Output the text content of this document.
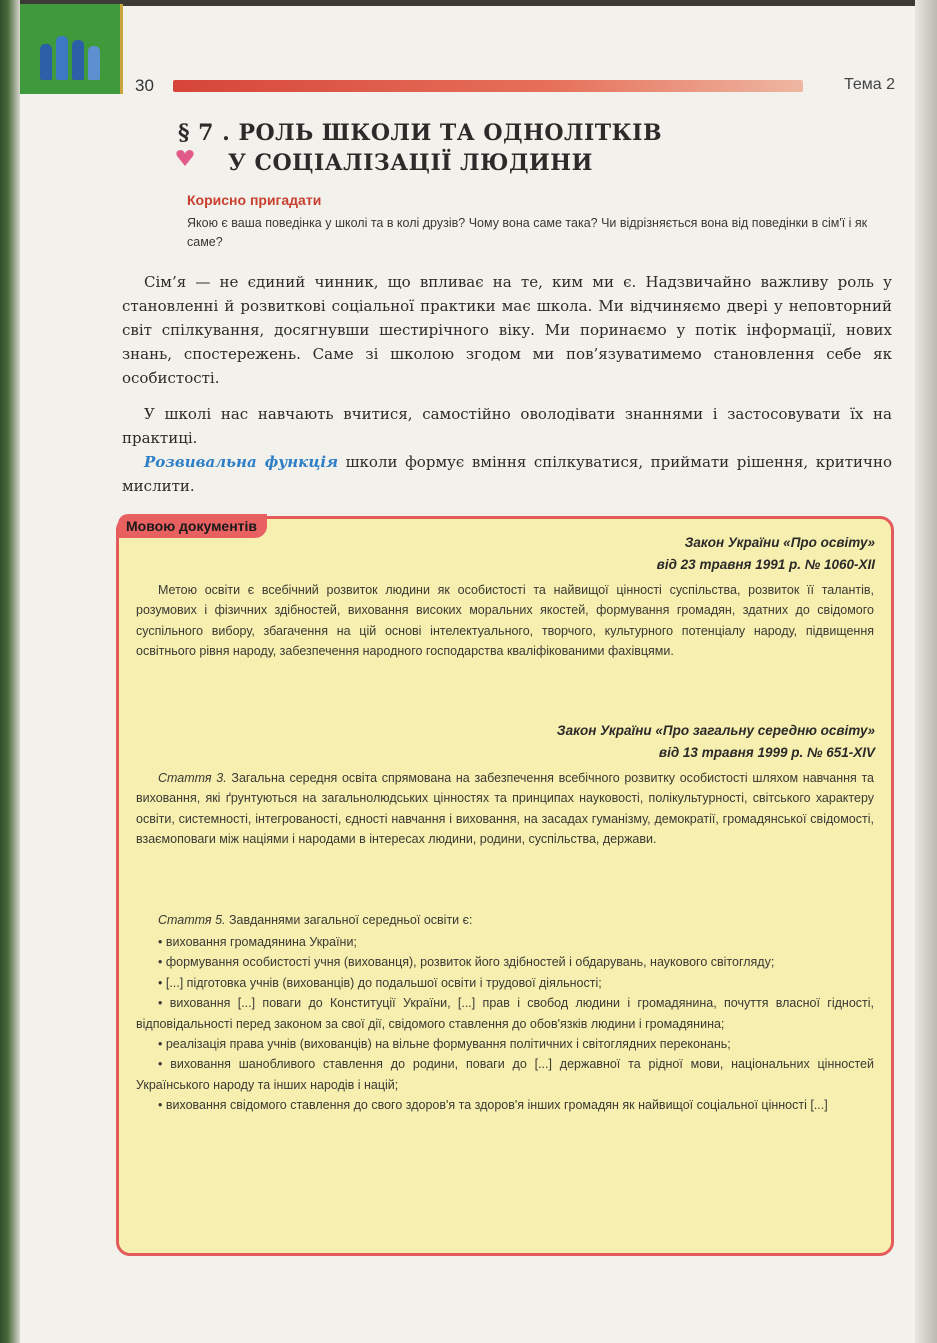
30	Тема 2
§ 7 . РОЛЬ ШКОЛИ ТА ОДНОЛІТКІВ
У СОЦІАЛІЗАЦІЇ ЛЮДИНИ
Корисно пригадати
Якою є ваша поведінка у школі та в колі друзів? Чому вона саме така? Чи відрізняється вона від поведінки в сім'ї і як саме?
Сім’я — не єдиний чинник, що впливає на те, ким ми є. Надзвичайно важливу роль у становленні й розвиткові соціальної практики має школа. Ми відчиняємо двері у неповторний світ спілкування, досягнувши шестирічного віку. Ми поринаємо у потік інформації, нових знань, спостережень. Саме зі школою згодом ми пов’язуватимемо становлення себе як особистості.
У школі нас навчають вчитися, самостійно оволодівати знаннями і застосовувати їх на практиці.
Розвивальна функція школи формує вміння спілкуватися, приймати рішення, критично мислити.
Мовою документів
Закон України «Про освіту»
від 23 травня 1991 р. № 1060-XII
Метою освіти є всебічний розвиток людини як особистості та найвищої цінності суспільства, розвиток її талантів, розумових і фізичних здібностей, виховання високих моральних якостей, формування громадян, здатних до свідомого суспільного вибору, збагачення на цій основі інтелектуального, творчого, культурного потенціалу народу, підвищення освітнього рівня народу, забезпечення народного господарства кваліфікованими фахівцями.
Закон України «Про загальну середню освіту»
від 13 травня 1999 р. № 651-XIV
Стаття 3. Загальна середня освіта спрямована на забезпечення всебічного розвитку особистості шляхом навчання та виховання, які ґрунтуються на загальнолюдських цінностях та принципах науковості, полікультурності, світського характеру освіти, системності, інтегрованості, єдності навчання і виховання, на засадах гуманізму, демократії, громадянської свідомості, взаємоповаги між націями і народами в інтересах людини, родини, суспільства, держави.
Стаття 5. Завданнями загальної середньої освіти є:
• виховання громадянина України;
• формування особистості учня (вихованця), розвиток його здібностей і обдарувань, наукового світогляду;
• [...] підготовка учнів (вихованців) до подальшої освіти і трудової діяльності;
• виховання [...] поваги до Конституції України, [...] прав і свобод людини і громадянина, почуття власної гідності, відповідальності перед законом за свої дії, свідомого ставлення до обов'язків людини і громадянина;
• реалізація права учнів (вихованців) на вільне формування політичних і світоглядних переконань;
• виховання шанобливого ставлення до родини, поваги до [...] державної та рідної мови, національних цінностей Українського народу та інших народів і націй;
• виховання свідомого ставлення до свого здоров'я та здоров'я інших громадян як найвищої соціальної цінності [...]
